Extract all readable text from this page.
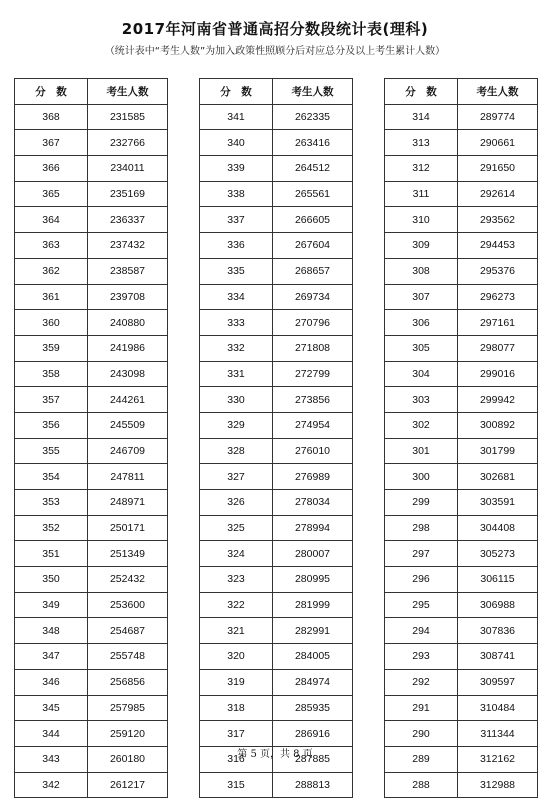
2017年河南省普通高招分数段统计表(理科)
（统计表中“考生人数”为加入政策性照顾分后对应总分及以上考生累计人数）
分　数	考生人数
368	231585
367	232766
366	234011
365	235169
364	236337
363	237432
362	238587
361	239708
360	240880
359	241986
358	243098
357	244261
356	245509
355	246709
354	247811
353	248971
352	250171
351	251349
350	252432
349	253600
348	254687
347	255748
346	256856
345	257985
344	259120
343	260180
342	261217
分　数	考生人数
341	262335
340	263416
339	264512
338	265561
337	266605
336	267604
335	268657
334	269734
333	270796
332	271808
331	272799
330	273856
329	274954
328	276010
327	276989
326	278034
325	278994
324	280007
323	280995
322	281999
321	282991
320	284005
319	284974
318	285935
317	286916
316	287885
315	288813
分　数	考生人数
314	289774
313	290661
312	291650
311	292614
310	293562
309	294453
308	295376
307	296273
306	297161
305	298077
304	299016
303	299942
302	300892
301	301799
300	302681
299	303591
298	304408
297	305273
296	306115
295	306988
294	307836
293	308741
292	309597
291	310484
290	311344
289	312162
288	312988
第 5 页，共 8 页
